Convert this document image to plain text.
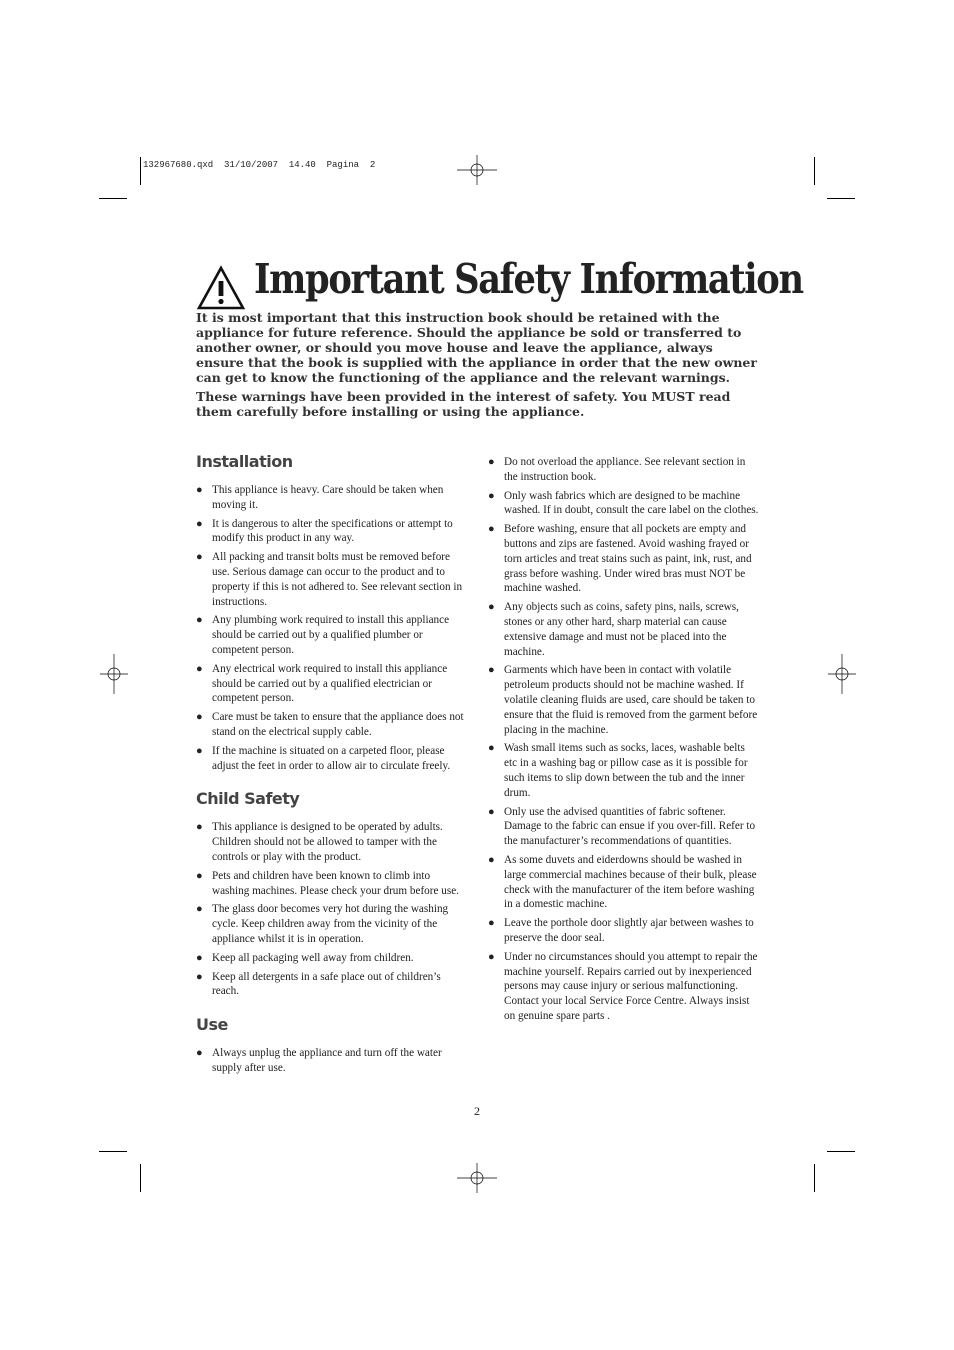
132967680.qxd  31/10/2007  14.40  Pagina  2
Important Safety Information

It is most important that this instruction book should be retained with the appliance for future reference. Should the appliance be sold or transferred to another owner, or should you move house and leave the appliance, always ensure that the book is supplied with the appliance in order that the new owner can get to know the functioning of the appliance and the relevant warnings.

These warnings have been provided in the interest of safety. You MUST read them carefully before installing or using the appliance.

Installation
● This appliance is heavy. Care should be taken when moving it.
● It is dangerous to alter the specifications or attempt to modify this product in any way.
● All packing and transit bolts must be removed before use. Serious damage can occur to the product and to property if this is not adhered to. See relevant section in instructions.
● Any plumbing work required to install this appliance should be carried out by a qualified plumber or competent person.
● Any electrical work required to install this appliance should be carried out by a qualified electrician or competent person.
● Care must be taken to ensure that the appliance does not stand on the electrical supply cable.
● If the machine is situated on a carpeted floor, please adjust the feet in order to allow air to circulate freely.
Child Safety
● This appliance is designed to be operated by adults. Children should not be allowed to tamper with the controls or play with the product.
● Pets and children have been known to climb into washing machines. Please check your drum before use.
● The glass door becomes very hot during the washing cycle. Keep children away from the vicinity of the appliance whilst it is in operation.
● Keep all packaging well away from children.
● Keep all detergents in a safe place out of children’s reach.
Use
● Always unplug the appliance and turn off the water supply after use.
● Do not overload the appliance. See relevant section in the instruction book.
● Only wash fabrics which are designed to be machine washed. If in doubt, consult the care label on the clothes.
● Before washing, ensure that all pockets are empty and buttons and zips are fastened. Avoid washing frayed or torn articles and treat stains such as paint, ink, rust, and grass before washing. Under wired bras must NOT be machine washed.
● Any objects such as coins, safety pins, nails, screws, stones or any other hard, sharp material can cause extensive damage and must not be placed into the machine.
● Garments which have been in contact with volatile petroleum products should not be machine washed. If volatile cleaning fluids are used, care should be taken to ensure that the fluid is removed from the garment before placing in the machine.
● Wash small items such as socks, laces, washable belts etc in a washing bag or pillow case as it is possible for such items to slip down between the tub and the inner drum.
● Only use the advised quantities of fabric softener. Damage to the fabric can ensue if you over-fill. Refer to the manufacturer’s recommendations of quantities.
● As some duvets and eiderdowns should be washed in large commercial machines because of their bulk, please check with the manufacturer of the item before washing in a domestic machine.
● Leave the porthole door slightly ajar between washes to preserve the door seal.
● Under no circumstances should you attempt to repair the machine yourself. Repairs carried out by inexperienced persons may cause injury or serious malfunctioning. Contact your local Service Force Centre. Always insist on genuine spare parts .
2
